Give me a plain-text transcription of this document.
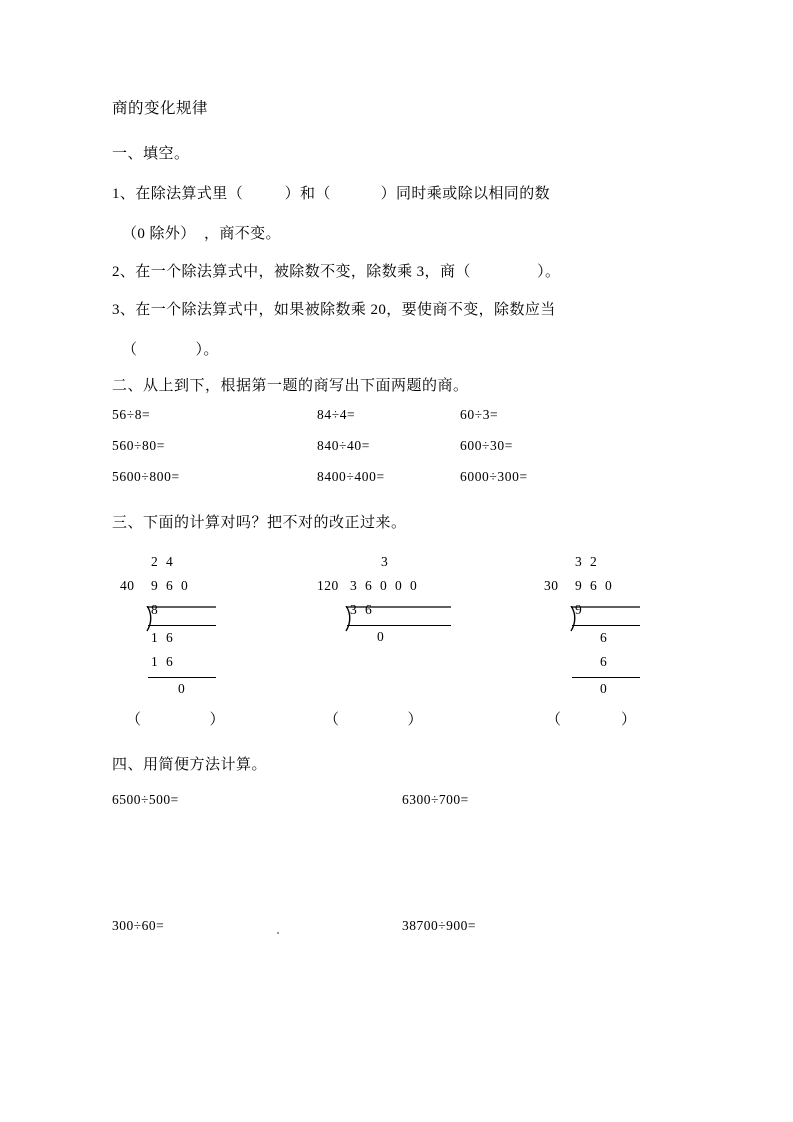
商的变化规律
一、填空。
1、在除法算式里（          ）和（            ）同时乘或除以相同的数
（0 除外）  ，商不变。
2、在一个除法算式中，被除数不变，除数乘 3，商（                ）。
3、在一个除法算式中，如果被除数乘 20，要使商不变，除数应当
（              ）。
二、从上到下，根据第一题的商写出下面两题的商。
56÷8=	84÷4=	60÷3=
560÷80=	840÷40=	600÷30=
5600÷800=	8400÷400=	6000÷300=
三、下面的计算对吗？把不对的改正过来。

2  4

40

9  6  0

8

1  6

1  6

0

3

120

3  6  0  0  0

3  6

0

3  2

30

9  6  0

9

6

6

0

（                ）	（                ）	（              ）
四、用简便方法计算。
6500÷500=	6300÷700=
300÷60=	38700÷900=
